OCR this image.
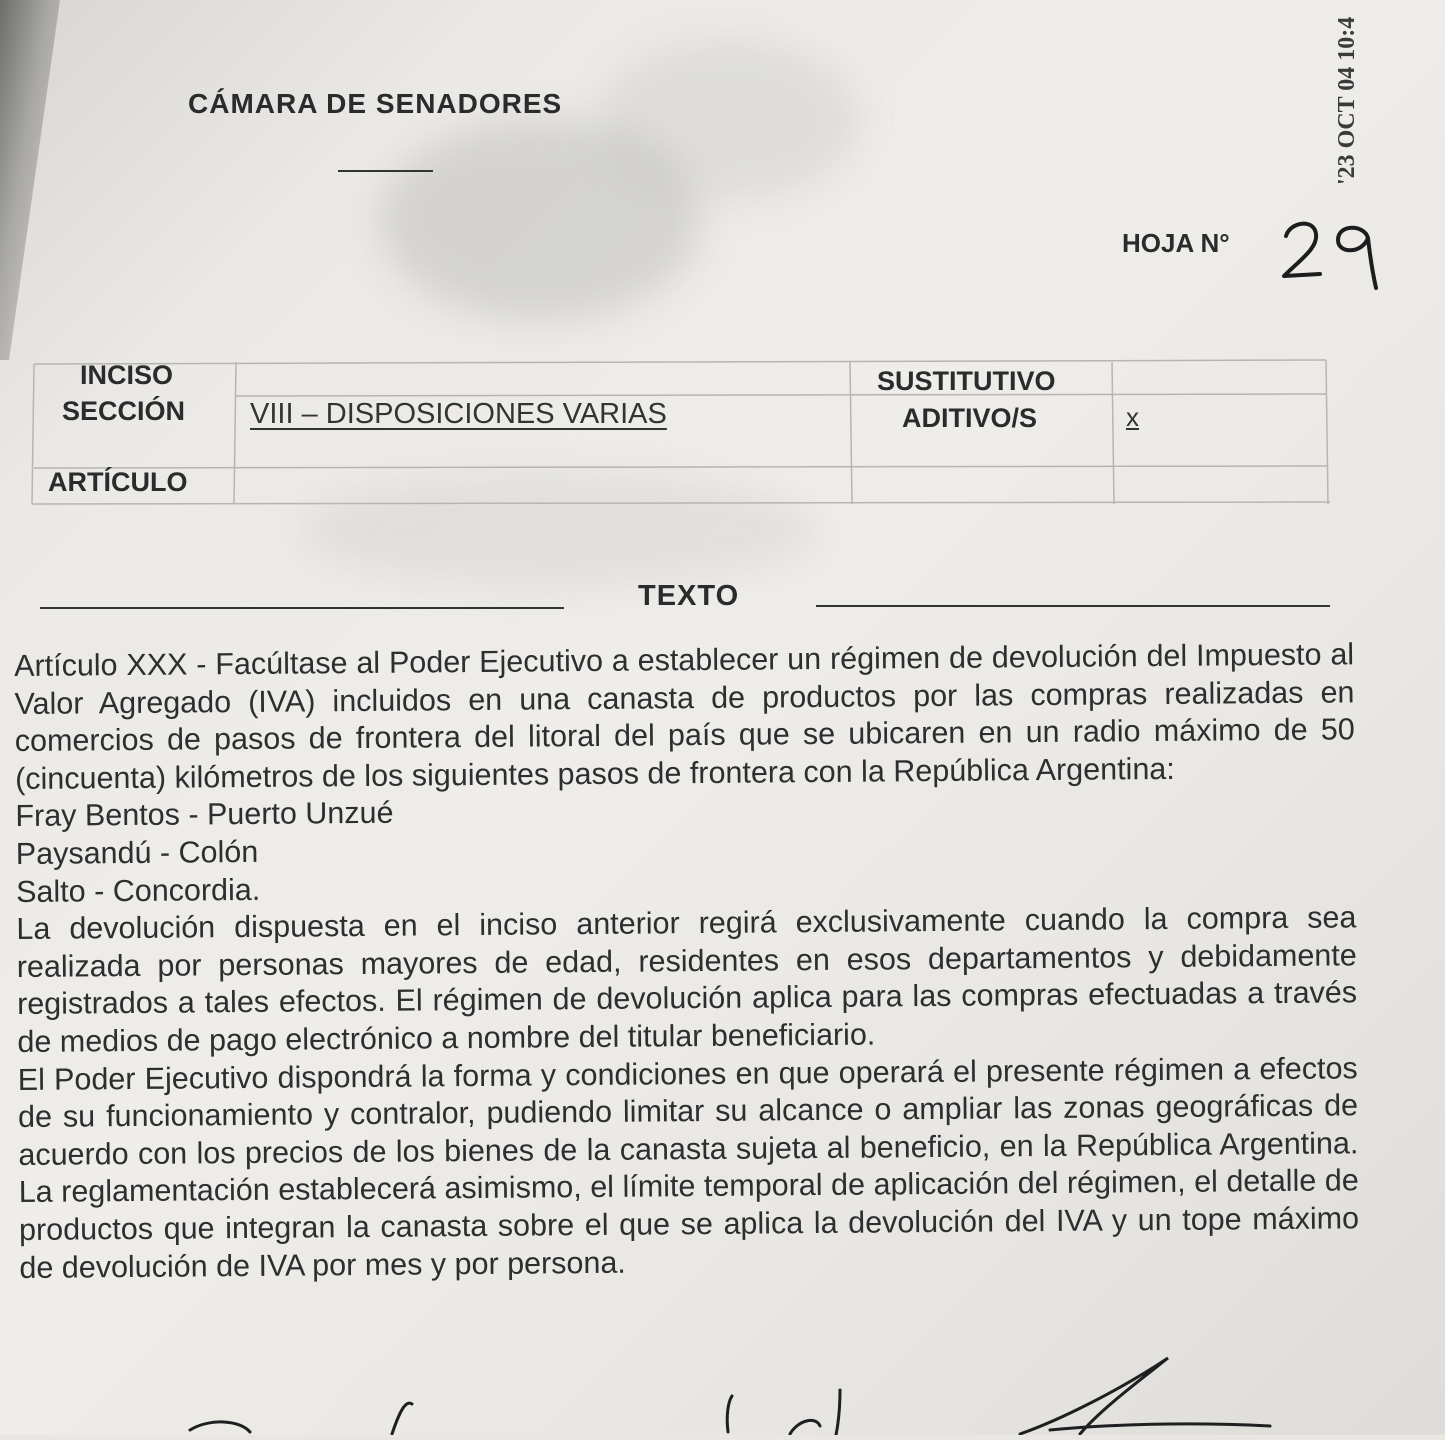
CÁMARA DE SENADORES	'23 OCT 04 10:4
HOJA N°
INCISO
SECCIÓN
ARTÍCULO
SUSTITUTIVO
ADITIVO/S
VIII – DISPOSICIONES VARIAS	x
TEXTO

Artículo XXX - Facúltase al Poder Ejecutivo a establecer un régimen de devolución del Impuesto al Valor Agregado (IVA) incluidos en una canasta de productos por las compras realizadas en comercios de pasos de frontera del litoral del país que se ubicaren en un radio máximo de 50 (cincuenta) kilómetros de los siguientes pasos de frontera con la República Argentina:

Fray Bentos - Puerto Unzué

Paysandú - Colón

Salto - Concordia.

La devolución dispuesta en el inciso anterior regirá exclusivamente cuando la compra sea realizada por personas mayores de edad, residentes en esos departamentos y debidamente registrados a tales efectos. El régimen de devolución aplica para las compras efectuadas a través de medios de pago electrónico a nombre del titular beneficiario.

El Poder Ejecutivo dispondrá la forma y condiciones en que operará el presente régimen a efectos de su funcionamiento y contralor, pudiendo limitar su alcance o ampliar las zonas geográficas de acuerdo con los precios de los bienes de la canasta sujeta al beneficio, en la República Argentina. La reglamentación establecerá asimismo, el límite temporal de aplicación del régimen, el detalle de productos que integran la canasta sobre el que se aplica la devolución del IVA y un tope máximo de devolución de IVA por mes y por persona.
